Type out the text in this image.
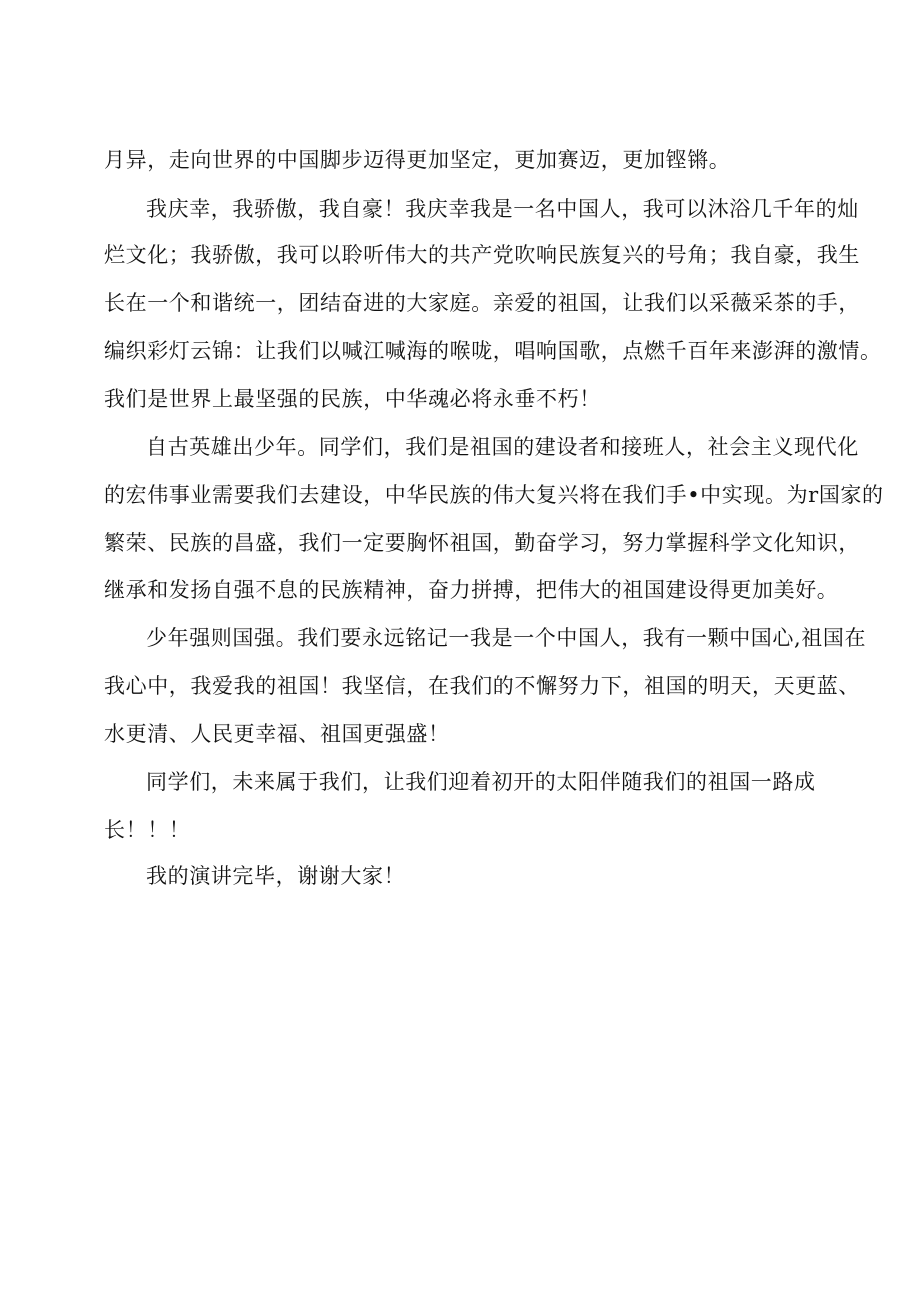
月异，走向世界的中国脚步迈得更加坚定，更加赛迈，更加铿锵。
我庆幸，我骄傲，我自豪！我庆幸我是一名中国人，我可以沐浴几千年的灿
烂文化；我骄傲，我可以聆听伟大的共产党吹响民族复兴的号角；我自豪，我生
长在一个和谐统一，团结奋进的大家庭。亲爱的祖国，让我们以采薇采茶的手，
编织彩灯云锦：让我们以喊江喊海的喉咙，唱响国歌，点燃千百年来澎湃的激情。
我们是世界上最坚强的民族，中华魂必将永垂不朽！
自古英雄出少年。同学们，我们是祖国的建设者和接班人，社会主义现代化
的宏伟事业需要我们去建设，中华民族的伟大复兴将在我们手•中实现。为r国家的
繁荣、民族的昌盛，我们一定要胸怀祖国，勤奋学习，努力掌握科学文化知识，
继承和发扬自强不息的民族精神，奋力拼搏，把伟大的祖国建设得更加美好。
少年强则国强。我们要永远铭记一我是一个中国人，我有一颗中国心,祖国在
我心中，我爱我的祖国！我坚信，在我们的不懈努力下，祖国的明天，天更蓝、
水更清、人民更幸福、祖国更强盛！
同学们，未来属于我们，让我们迎着初开的太阳伴随我们的祖国一路成
长！！！
我的演讲完毕，谢谢大家！
